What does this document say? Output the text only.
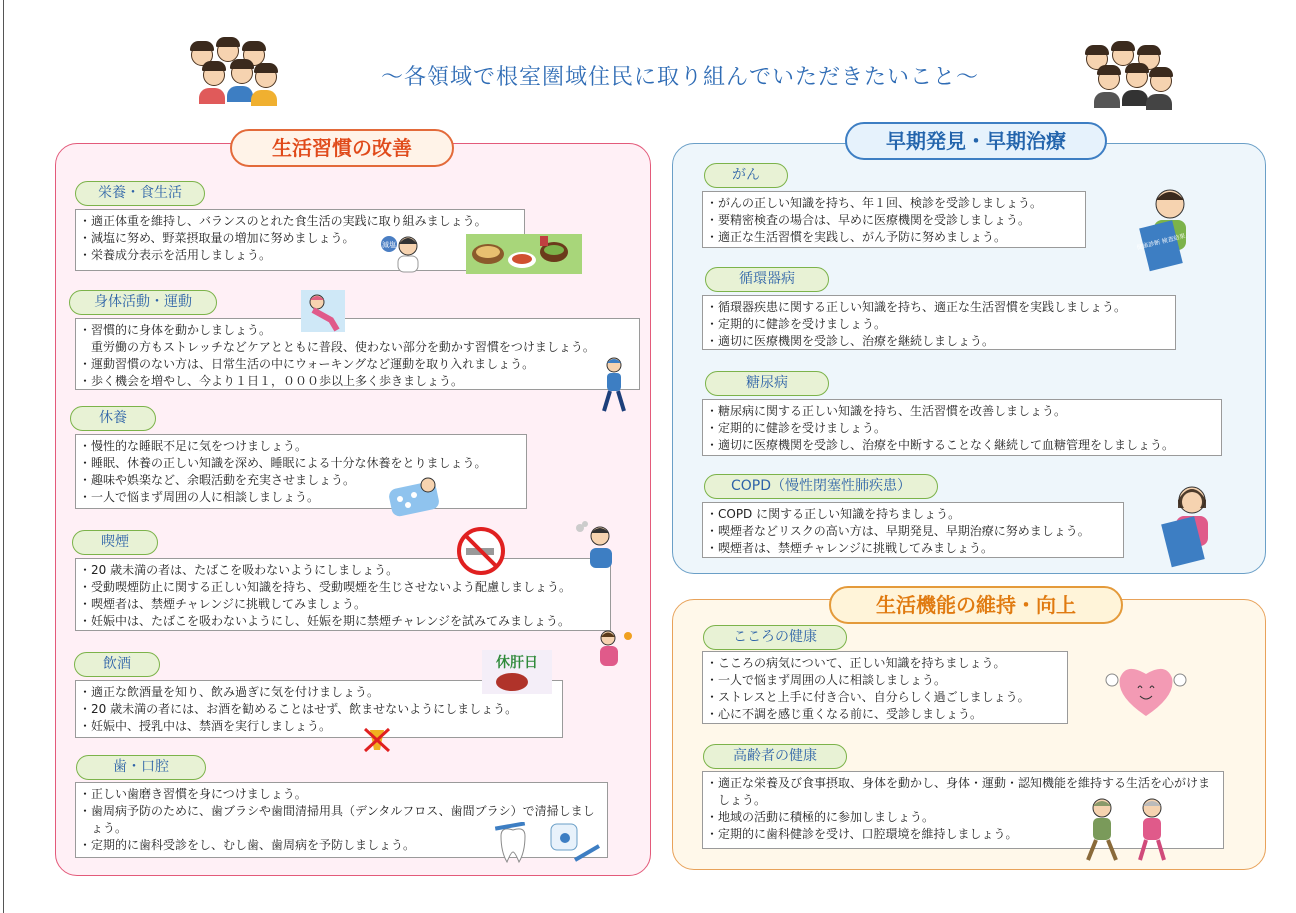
～各領域で根室圏域住民に取り組んでいただきたいこと～
生活習慣の改善	早期発見・早期治療
生活機能の維持・向上
栄養・食生活
・ 適正体重を維持し、バランスのとれた食生活の実践に取り組みましょう。
・ 減塩に努め、野菜摂取量の増加に努めましょう。
・ 栄養成分表示を活用しましょう。
減塩
身体活動・運動
・ 習慣的に身体を動かしましょう。
重労働の方もストレッチなどケアとともに普段、使わない部分を動かす習慣をつけましょう。
・ 運動習慣のない方は、日常生活の中にウォーキングなど運動を取り入れましょう。
・ 歩く機会を増やし、今より１日１，０００歩以上多く歩きましょう。
休養
・ 慢性的な睡眠不足に気をつけましょう。
・ 睡眠、休養の正しい知識を深め、睡眠による十分な休養をとりましょう。
・ 趣味や娯楽など、余暇活動を充実させましょう。
・ 一人で悩まず周囲の人に相談しましょう。
喫煙
・ 20 歳未満の者は、たばこを吸わないようにしましょう。
・ 受動喫煙防止に関する正しい知識を持ち、受動喫煙を生じさせないよう配慮しましょう。
・ 喫煙者は、禁煙チャレンジに挑戦してみましょう。
・ 妊娠中は、たばこを吸わないようにし、妊娠を期に禁煙チャレンジを試みてみましょう。
飲酒
・ 適正な飲酒量を知り、飲み過ぎに気を付けましょう。
・ 20 歳未満の者には、お酒を勧めることはせず、飲ませないようにしましょう。
・ 妊娠中、授乳中は、禁酒を実行しましょう。
休肝日
歯・口腔
・ 正しい歯磨き習慣を身につけましょう。
・ 歯周病予防のために、歯ブラシや歯間清掃用具（デンタルフロス、歯間ブラシ）で清掃しましょう。
・ 定期的に歯科受診をし、むし歯、歯周病を予防しましょう。
がん
・ がんの正しい知識を持ち、年１回、検診を受診しましょう。
・ 要精密検査の場合は、早めに医療機関を受診しましょう。
・ 適正な生活習慣を実践し、がん予防に努めましょう。	健康診断 検査結果
循環器病
・ 循環器疾患に関する正しい知識を持ち、適正な生活習慣を実践しましょう。
・ 定期的に健診を受けましょう。
・ 適切に医療機関を受診し、治療を継続しましょう。
糖尿病
・ 糖尿病に関する正しい知識を持ち、生活習慣を改善しましょう。
・ 定期的に健診を受けましょう。
・ 適切に医療機関を受診し、治療を中断することなく継続して血糖管理をしましょう。
COPD（慢性閉塞性肺疾患）
・ COPD に関する正しい知識を持ちましょう。
・ 喫煙者などリスクの高い方は、早期発見、早期治療に努めましょう。
・ 喫煙者は、禁煙チャレンジに挑戦してみましょう。
こころの健康
・ こころの病気について、正しい知識を持ちましょう。
・ 一人で悩まず周囲の人に相談しましょう。
・ ストレスと上手に付き合い、自分らしく過ごしましょう。
・ 心に不調を感じ重くなる前に、受診しましょう。
高齢者の健康
・ 適正な栄養及び食事摂取、身体を動かし、身体・運動・認知機能を維持する生活を心がけましょう。
・ 地域の活動に積極的に参加しましょう。
・ 定期的に歯科健診を受け、口腔環境を維持しましょう。
